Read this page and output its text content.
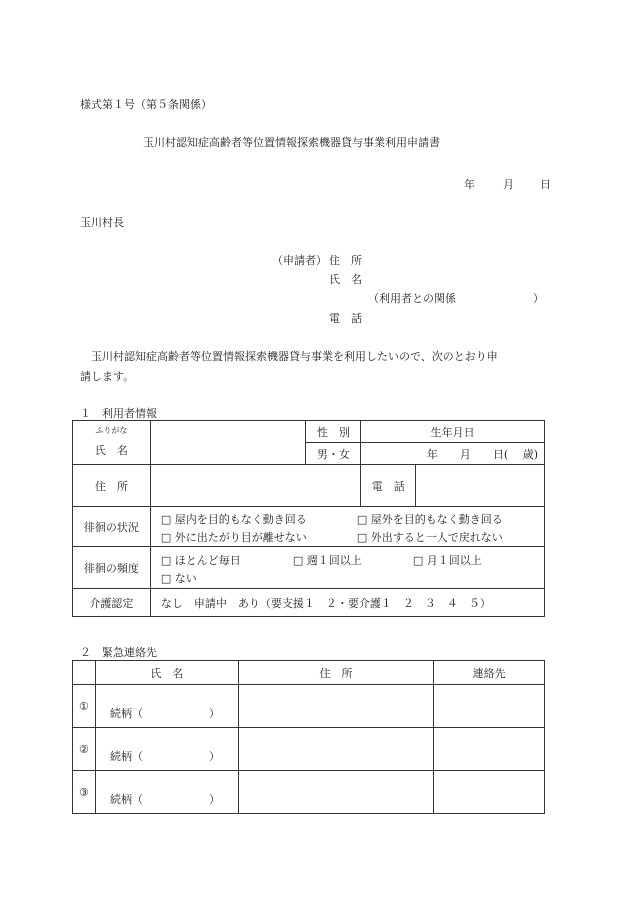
様式第１号（第５条関係）
玉川村認知症高齢者等位置情報探索機器貸与事業利用申請書
年	月 日
玉川村長
（申請者） 住　所
氏　名
（利用者との関係　　　　　　　）
電　話
玉川村認知症高齢者等位置情報探索機器貸与事業を利用したいので、次のとおり申
請します。
１　利用者情報
ふりがな
氏　名		性　別	生年月日	
		男・女	年　　月　　日(　 歳)	
住　所			電　話	
徘徊の状況	□ 屋内を目的もなく動き回る □ 屋外を目的もなく動き回る
□ 外に出たがり目が離せない □ 外出すると一人で戻れない			

徘徊の頻度	□ ほとんど毎日 □ 週１回以上 □ 月１回以上
□ ない			

介護認定	なし　申請中　あり（要支援１　２・要介護１　２　３　４　５）			
２　緊急連絡先
	氏　名	住　所	連絡先
①	続柄（　　　　　　）		
②	続柄（　　　　　　）		
③	続柄（　　　　　　）		
